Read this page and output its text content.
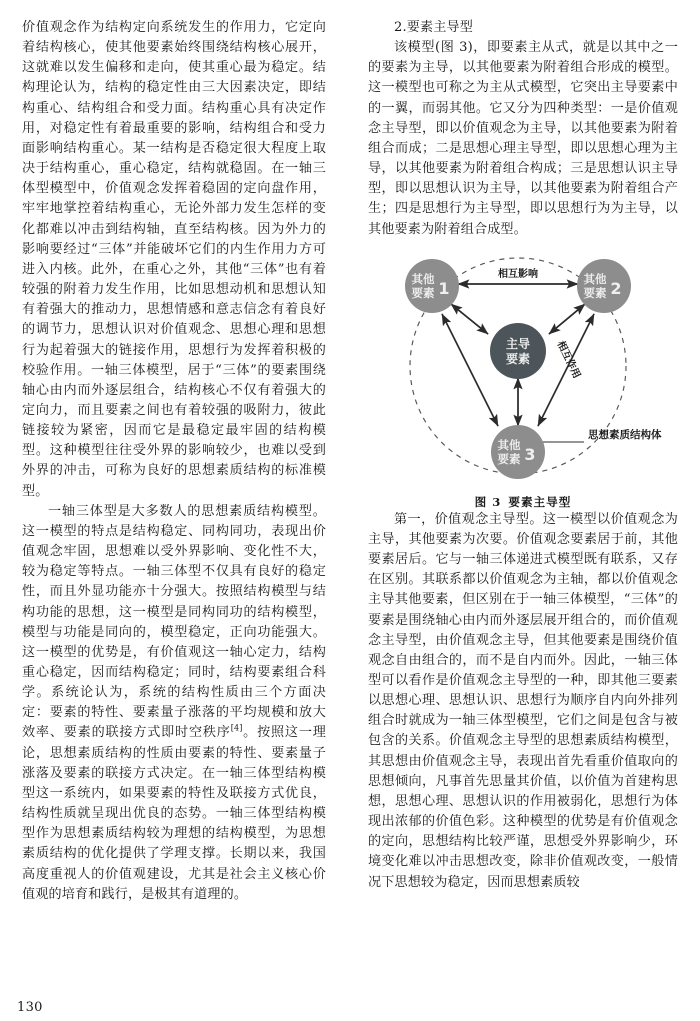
价值观念作为结构定向系统发生的作用力，它定向着结构核心，使其他要素始终围绕结构核心展开，这就难以发生偏移和走向，使其重心最为稳定。结构理论认为，结构的稳定性由三大因素决定，即结构重心、结构组合和受力面。结构重心具有决定作用，对稳定性有着最重要的影响，结构组合和受力面影响结构重心。某一结构是否稳定很大程度上取决于结构重心，重心稳定，结构就稳固。在一轴三体型模型中，价值观念发挥着稳固的定向盘作用，牢牢地掌控着结构重心，无论外部力发生怎样的变化都难以冲击到结构轴，直至结构核。因为外力的影响要经过“三体”并能破坏它们的内生作用力方可进入内核。此外，在重心之外，其他“三体”也有着较强的附着力发生作用，比如思想动机和思想认知有着强大的推动力，思想情感和意志信念有着良好的调节力，思想认识对价值观念、思想心理和思想行为起着强大的链接作用，思想行为发挥着积极的校验作用。一轴三体模型，居于“三体”的要素围绕轴心由内而外逐层组合，结构核心不仅有着强大的定向力，而且要素之间也有着较强的吸附力，彼此链接较为紧密，因而它是最稳定最牢固的结构模型。这种模型往往受外界的影响较少，也难以受到外界的冲击，可称为良好的思想素质结构的标准模型。

一轴三体型是大多数人的思想素质结构模型。这一模型的特点是结构稳定、同构同功，表现出价值观念牢固，思想难以受外界影响、变化性不大，较为稳定等特点。一轴三体型不仅具有良好的稳定性，而且外显功能亦十分强大。按照结构模型与结构功能的思想，这一模型是同构同功的结构模型，模型与功能是同向的，模型稳定，正向功能强大。这一模型的优势是，有价值观这一轴心定力，结构重心稳定，因而结构稳定；同时，结构要素组合科学。系统论认为，系统的结构性质由三个方面决定：要素的特性、要素量子涨落的平均规模和放大效率、要素的联接方式即时空秩序[4]。按照这一理论，思想素质结构的性质由要素的特性、要素量子涨落及要素的联接方式决定。在一轴三体型结构模型这一系统内，如果要素的特性及联接方式优良，结构性质就呈现出优良的态势。一轴三体型结构模型作为思想素质结构较为理想的结构模型，为思想素质结构的优化提供了学理支撑。长期以来，我国高度重视人的价值观建设，尤其是社会主义核心价值观的培育和践行，是极其有道理的。

2.要素主导型

该模型(图 3)，即要素主从式，就是以其中之一的要素为主导，以其他要素为附着组合形成的模型。这一模型也可称之为主从式模型，它突出主导要素中的一翼，而弱其他。它又分为四种类型：一是价值观念主导型，即以价值观念为主导，以其他要素为附着组合而成；二是思想心理主导型，即以思想心理为主导，以其他要素为附着组合构成；三是思想认识主导型，即以思想认识为主导，以其他要素为附着组合产生；四是思想行为主导型，即以思想行为为主导，以其他要素为附着组合成型。

其他
要素 1	其他
要素 2
主导
要素
其他
要素 3
相互影响
相互作用
思想素质结构体
图 3 要素主导型

第一，价值观念主导型。这一模型以价值观念为主导，其他要素为次要。价值观念要素居于前，其他要素居后。它与一轴三体递进式模型既有联系，又存在区别。其联系都以价值观念为主轴，都以价值观念主导其他要素，但区别在于一轴三体模型，“三体”的要素是围绕轴心由内而外逐层展开组合的，而价值观念主导型，由价值观念主导，但其他要素是围绕价值观念自由组合的，而不是自内而外。因此，一轴三体型可以看作是价值观念主导型的一种，即其他三要素以思想心理、思想认识、思想行为顺序自内向外排列组合时就成为一轴三体型模型，它们之间是包含与被包含的关系。价值观念主导型的思想素质结构模型，其思想由价值观念主导，表现出首先看重价值取向的思想倾向，凡事首先思量其价值，以价值为首建构思想，思想心理、思想认识的作用被弱化，思想行为体现出浓郁的价值色彩。这种模型的优势是有价值观念的定向，思想结构比较严谨，思想受外界影响少，环境变化难以冲击思想改变，除非价值观改变，一般情况下思想较为稳定，因而思想素质较

130
